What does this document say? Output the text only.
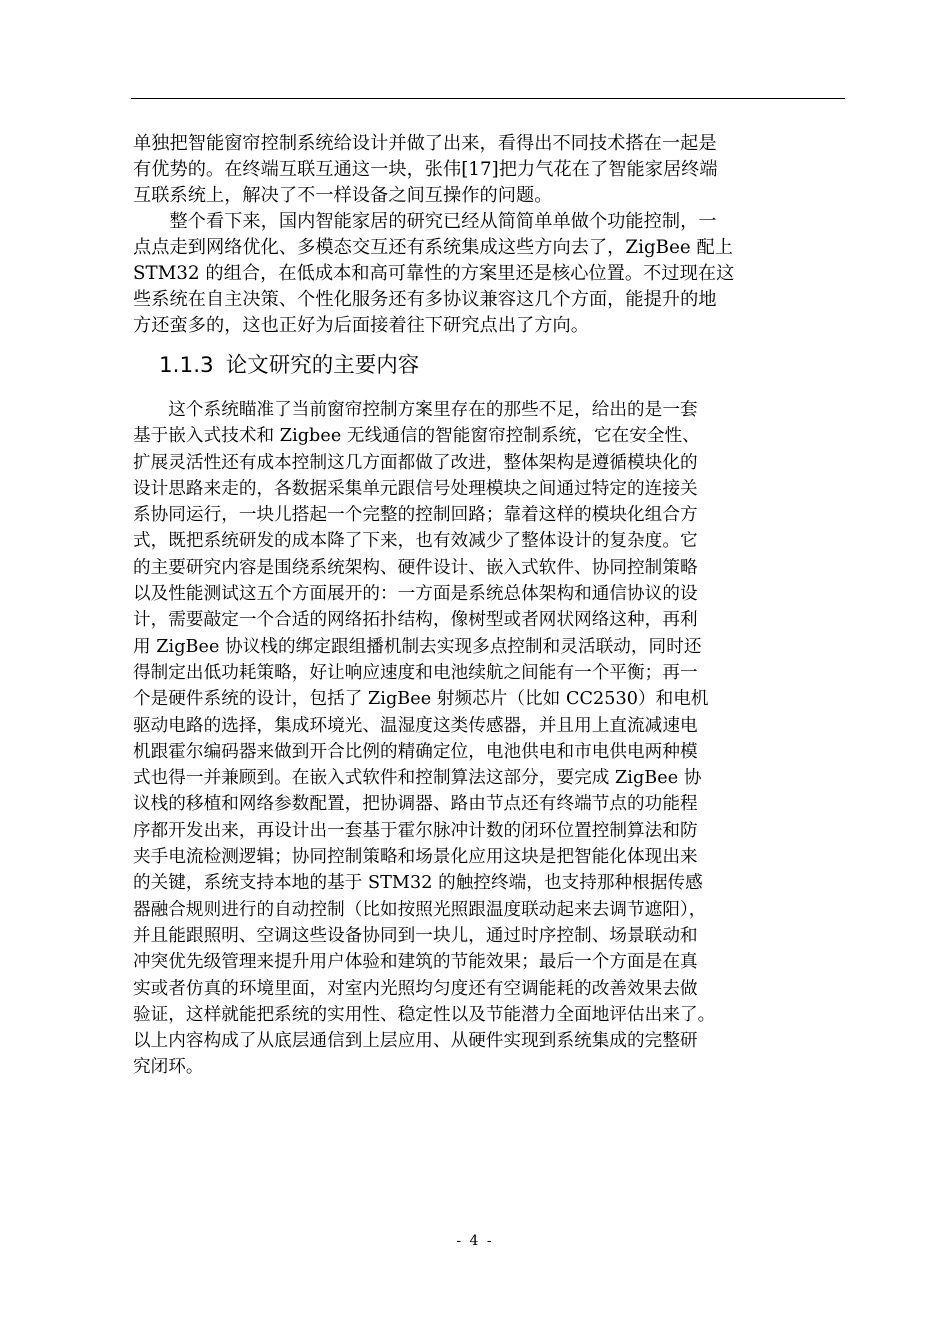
单独把智能窗帘控制系统给设计并做了出来，看得出不同技术搭在一起是
有优势的。在终端互联互通这一块，张伟[17]把力气花在了智能家居终端
互联系统上，解决了不一样设备之间互操作的问题。
　　整个看下来，国内智能家居的研究已经从简简单单做个功能控制，一
点点走到网络优化、多模态交互还有系统集成这些方向去了，ZigBee 配上
STM32 的组合，在低成本和高可靠性的方案里还是核心位置。不过现在这
些系统在自主决策、个性化服务还有多协议兼容这几个方面，能提升的地
方还蛮多的，这也正好为后面接着往下研究点出了方向。
1.1.3 论文研究的主要内容
　　这个系统瞄准了当前窗帘控制方案里存在的那些不足，给出的是一套
基于嵌入式技术和 Zigbee 无线通信的智能窗帘控制系统，它在安全性、
扩展灵活性还有成本控制这几方面都做了改进，整体架构是遵循模块化的
设计思路来走的，各数据采集单元跟信号处理模块之间通过特定的连接关
系协同运行，一块儿搭起一个完整的控制回路；靠着这样的模块化组合方
式，既把系统研发的成本降了下来，也有效减少了整体设计的复杂度。它
的主要研究内容是围绕系统架构、硬件设计、嵌入式软件、协同控制策略
以及性能测试这五个方面展开的：一方面是系统总体架构和通信协议的设
计，需要敲定一个合适的网络拓扑结构，像树型或者网状网络这种，再利
用 ZigBee 协议栈的绑定跟组播机制去实现多点控制和灵活联动，同时还
得制定出低功耗策略，好让响应速度和电池续航之间能有一个平衡；再一
个是硬件系统的设计，包括了 ZigBee 射频芯片（比如 CC2530）和电机
驱动电路的选择，集成环境光、温湿度这类传感器，并且用上直流减速电
机跟霍尔编码器来做到开合比例的精确定位，电池供电和市电供电两种模
式也得一并兼顾到。在嵌入式软件和控制算法这部分，要完成 ZigBee 协
议栈的移植和网络参数配置，把协调器、路由节点还有终端节点的功能程
序都开发出来，再设计出一套基于霍尔脉冲计数的闭环位置控制算法和防
夹手电流检测逻辑；协同控制策略和场景化应用这块是把智能化体现出来
的关键，系统支持本地的基于 STM32 的触控终端，也支持那种根据传感
器融合规则进行的自动控制（比如按照光照跟温度联动起来去调节遮阳），
并且能跟照明、空调这些设备协同到一块儿，通过时序控制、场景联动和
冲突优先级管理来提升用户体验和建筑的节能效果；最后一个方面是在真
实或者仿真的环境里面，对室内光照均匀度还有空调能耗的改善效果去做
验证，这样就能把系统的实用性、稳定性以及节能潜力全面地评估出来了。
以上内容构成了从底层通信到上层应用、从硬件实现到系统集成的完整研
究闭环。
- 4 -
